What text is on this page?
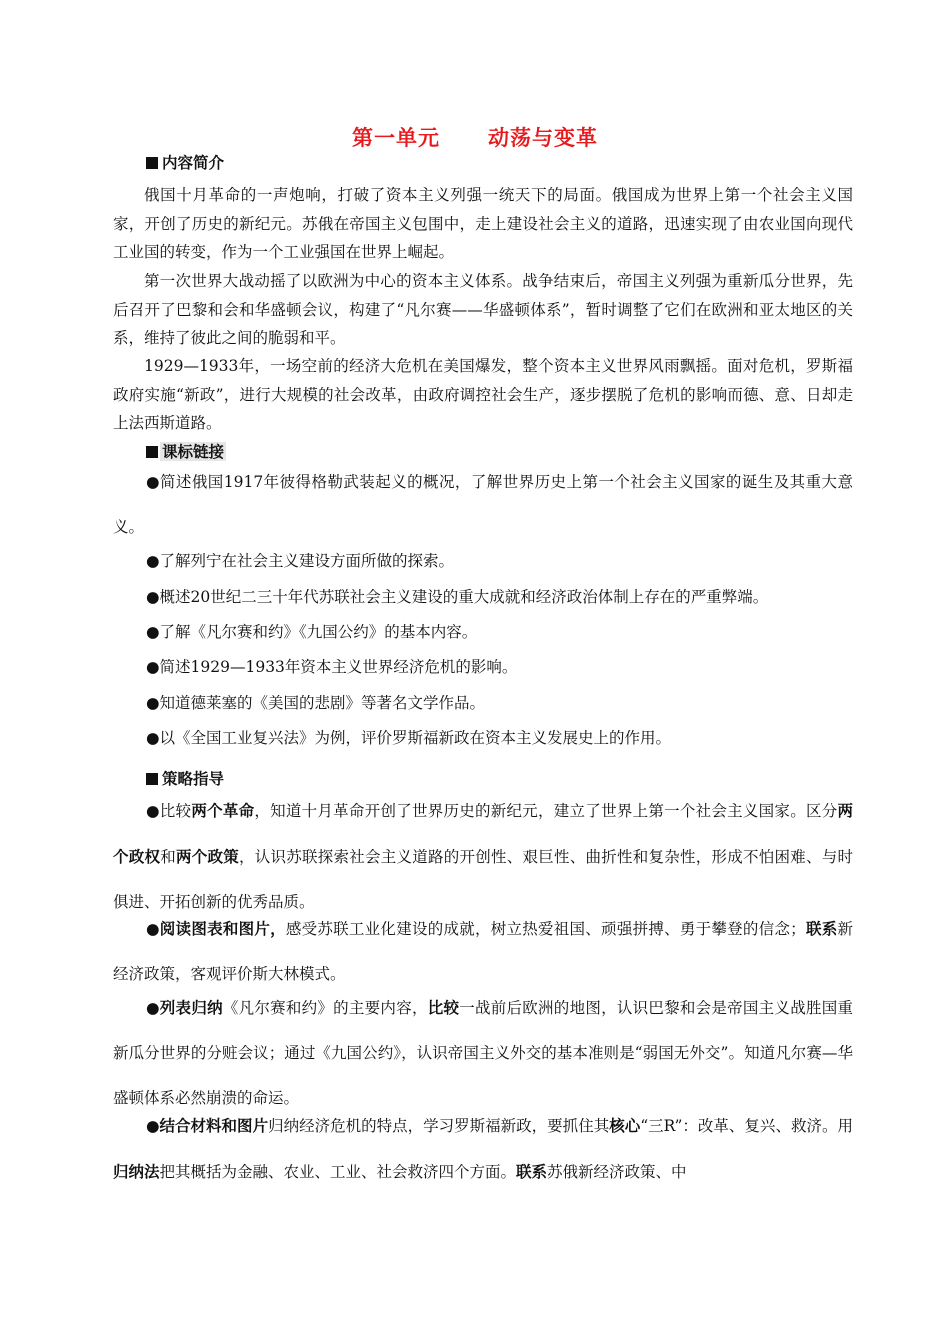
第一单元 动荡与变革
内容简介

俄国十月革命的一声炮响，打破了资本主义列强一统天下的局面。俄国成为世界上第一个社会主义国家，开创了历史的新纪元。苏俄在帝国主义包围中，走上建设社会主义的道路，迅速实现了由农业国向现代工业国的转变，作为一个工业强国在世界上崛起。

第一次世界大战动摇了以欧洲为中心的资本主义体系。战争结束后，帝国主义列强为重新瓜分世界，先后召开了巴黎和会和华盛顿会议，构建了“凡尔赛——华盛顿体系”，暂时调整了它们在欧洲和亚太地区的关系，维持了彼此之间的脆弱和平。

1929—1933年，一场空前的经济大危机在美国爆发，整个资本主义世界风雨飘摇。面对危机，罗斯福政府实施“新政”，进行大规模的社会改革，由政府调控社会生产，逐步摆脱了危机的影响而德、意、日却走上法西斯道路。

课标链接

●简述俄国1917年彼得格勒武装起义的概况，了解世界历史上第一个社会主义国家的诞生及其重大意义。

●了解列宁在社会主义建设方面所做的探索。

●概述20世纪二三十年代苏联社会主义建设的重大成就和经济政治体制上存在的严重弊端。

●了解《凡尔赛和约》《九国公约》的基本内容。

●简述1929—1933年资本主义世界经济危机的影响。

●知道德莱塞的《美国的悲剧》等著名文学作品。

●以《全国工业复兴法》为例，评价罗斯福新政在资本主义发展史上的作用。

策略指导

●比较两个革命，知道十月革命开创了世界历史的新纪元，建立了世界上第一个社会主义国家。区分两个政权和两个政策，认识苏联探索社会主义道路的开创性、艰巨性、曲折性和复杂性，形成不怕困难、与时俱进、开拓创新的优秀品质。

●阅读图表和图片，感受苏联工业化建设的成就，树立热爱祖国、顽强拼搏、勇于攀登的信念；联系新经济政策，客观评价斯大林模式。

●列表归纳《凡尔赛和约》的主要内容，比较一战前后欧洲的地图，认识巴黎和会是帝国主义战胜国重新瓜分世界的分赃会议；通过《九国公约》，认识帝国主义外交的基本准则是“弱国无外交”。知道凡尔赛—华盛顿体系必然崩溃的命运。

●结合材料和图片归纳经济危机的特点，学习罗斯福新政，要抓住其核心“三R”：改革、复兴、救济。用归纳法把其概括为金融、农业、工业、社会救济四个方面。联系苏俄新经济政策、中
